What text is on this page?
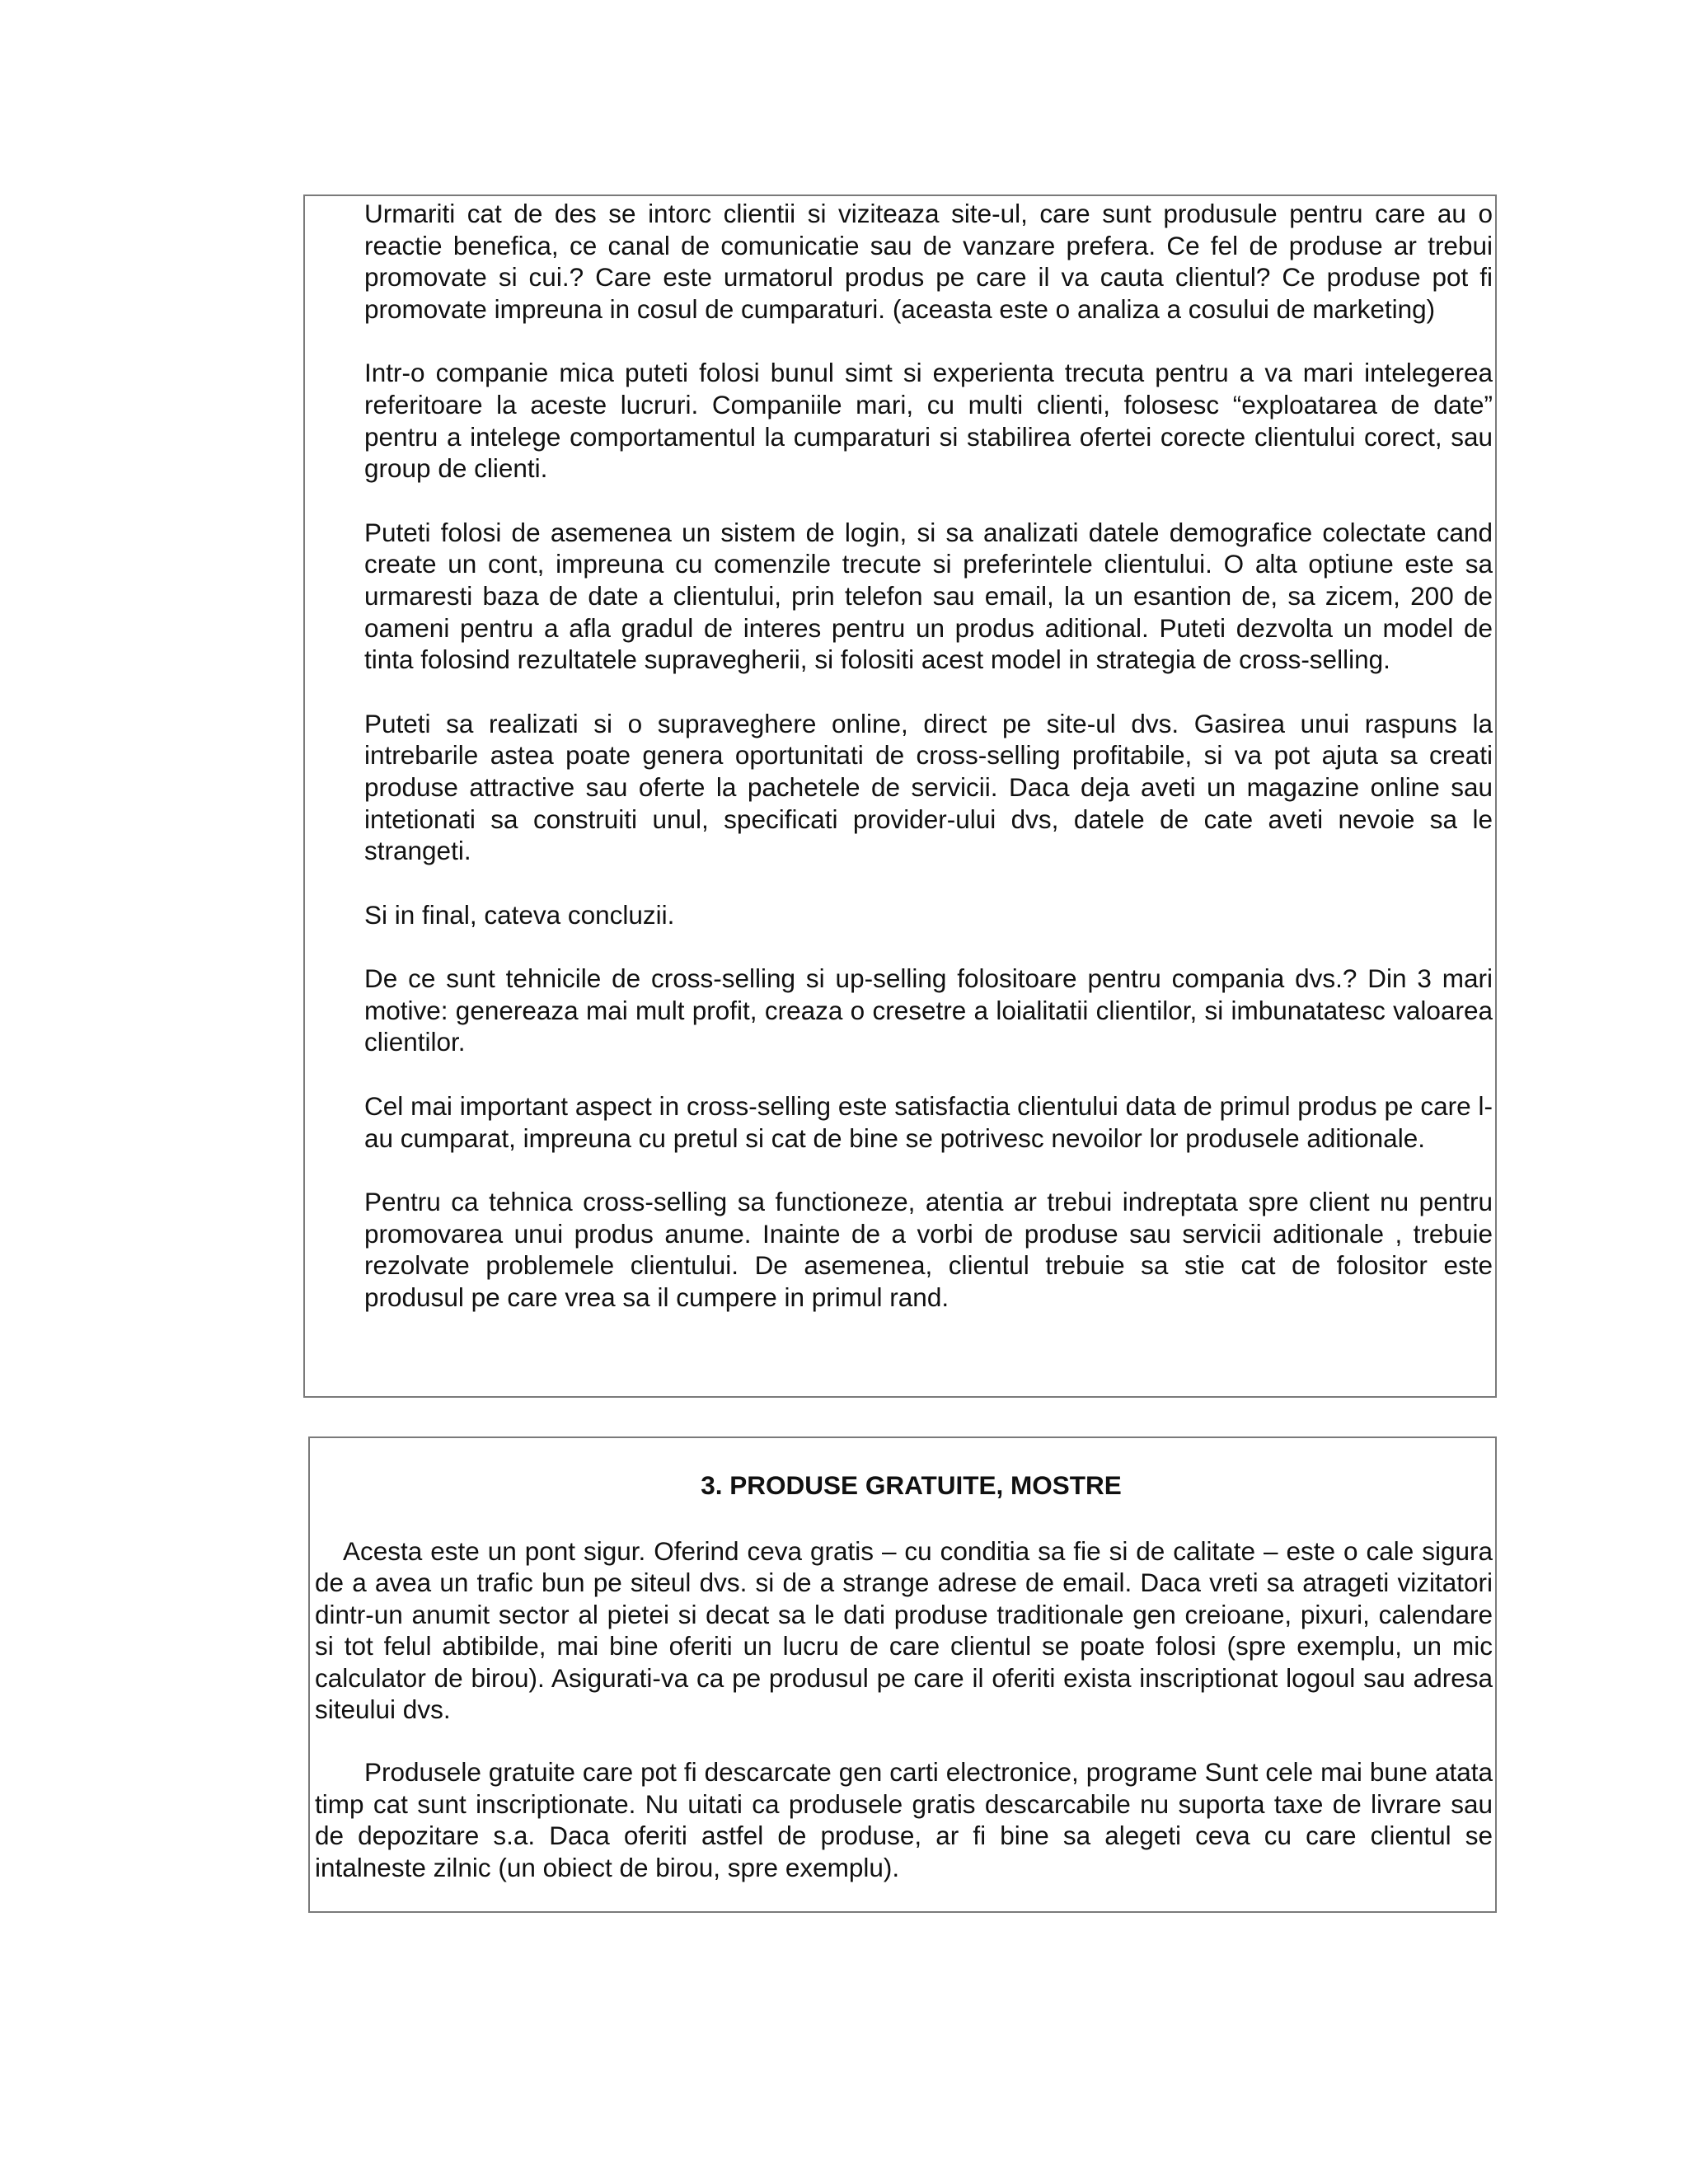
Urmariti cat de des se intorc clientii si viziteaza site-ul, care sunt produsule pentru care au o reactie benefica, ce canal de comunicatie sau de vanzare prefera. Ce fel de produse ar trebui promovate si cui.? Care este urmatorul produs pe care il va cauta clientul? Ce produse pot fi promovate impreuna in cosul de cumparaturi. (aceasta este o analiza a cosului de marketing)

Intr-o companie mica puteti folosi bunul simt si experienta trecuta pentru a va mari intelegerea referitoare la aceste lucruri. Companiile mari, cu multi clienti, folosesc “exploatarea de date” pentru a intelege comportamentul la cumparaturi si stabilirea ofertei corecte clientului corect, sau group de clienti.

Puteti folosi de asemenea un sistem de login, si sa analizati datele demografice colectate cand create un cont, impreuna cu comenzile trecute si preferintele clientului. O alta optiune este sa urmaresti baza de date a clientului, prin telefon sau email, la un esantion de, sa zicem, 200 de oameni pentru a afla gradul de interes pentru un produs aditional. Puteti dezvolta un model de tinta folosind rezultatele supravegherii, si folositi acest model in strategia de cross-selling.

Puteti sa realizati si o supraveghere online, direct pe site-ul dvs. Gasirea unui raspuns la intrebarile astea poate genera oportunitati de cross-selling profitabile, si va pot ajuta sa creati produse attractive sau oferte la pachetele de servicii. Daca deja aveti un magazine online sau intetionati sa construiti unul, specificati provider-ului dvs, datele de cate aveti nevoie sa le strangeti.

Si in final, cateva concluzii.

De ce sunt tehnicile de cross-selling si up-selling folositoare pentru compania dvs.? Din 3 mari motive: genereaza mai mult profit, creaza o cresetre a loialitatii clientilor, si imbunatatesc valoarea clientilor.

Cel mai important aspect in cross-selling este satisfactia clientului data de primul produs pe care l-au cumparat, impreuna cu pretul si cat de bine se potrivesc nevoilor lor produsele aditionale.

Pentru ca tehnica cross-selling sa functioneze, atentia ar trebui indreptata spre client nu pentru promovarea unui produs anume. Inainte de a vorbi de produse sau servicii aditionale , trebuie rezolvate problemele clientului. De asemenea, clientul trebuie sa stie cat de folositor este produsul pe care vrea sa il cumpere in primul rand.

3. PRODUSE GRATUITE, MOSTRE

Acesta este un pont sigur. Oferind ceva gratis – cu conditia sa fie si de calitate – este o cale sigura de a avea un trafic bun pe siteul dvs. si de a strange adrese de email. Daca vreti sa atrageti vizitatori dintr-un anumit sector al pietei si decat sa le dati produse traditionale gen creioane, pixuri, calendare si tot felul abtibilde, mai bine oferiti un lucru de care clientul se poate folosi (spre exemplu, un mic calculator de birou). Asigurati-va ca pe produsul pe care il oferiti exista inscriptionat logoul sau adresa siteului dvs.

Produsele gratuite care pot fi descarcate gen carti electronice, programe Sunt cele mai bune atata timp cat sunt inscriptionate. Nu uitati ca produsele gratis descarcabile nu suporta taxe de livrare sau de depozitare s.a. Daca oferiti astfel de produse, ar fi bine sa alegeti ceva cu care clientul se intalneste zilnic (un obiect de birou, spre exemplu).
